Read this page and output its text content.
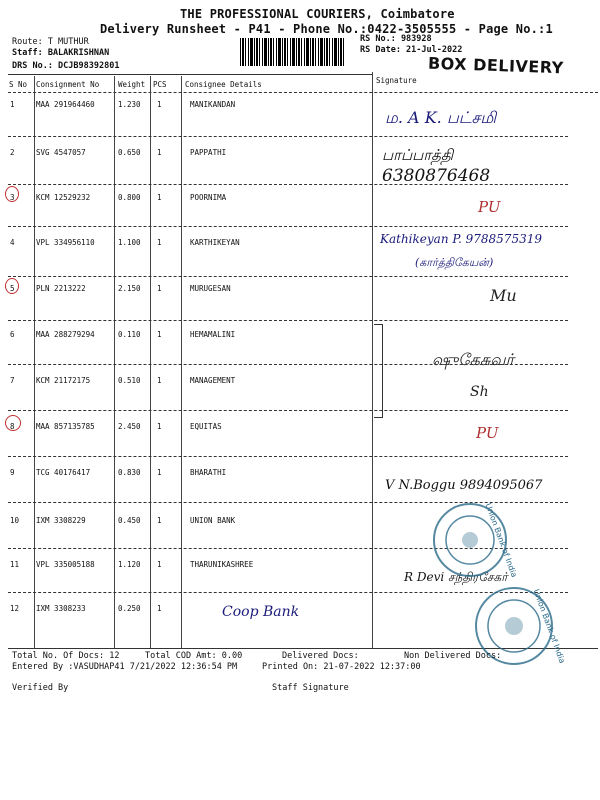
THE PROFESSIONAL COURIERS, Coimbatore
Delivery Runsheet - P41 - Phone No.:0422-3505555 - Page No.:1
Route: T MUTHUR
Staff: BALAKRISHNAN
DRS No.: DCJB98392801
RS No.: 983928
RS Date: 21-Jul-2022
BOX DELIVERY
S No Consignment No	Weight PCS Consignee Details	Signature
1	MAA 291964460	1.230 1	MANIKANDAN
ம. A K. பட்சமி
2	SVG 4547057	0.650 1	PAPPATHI	பாப்பாத்தி
6380876468
3	KCM 12529232	0.800 1	POORNIMA
PU
4	VPL 334956110	1.100 1	KARTHIKEYAN	Kathikeyan P. 9788575319
(கார்த்திகேயன்)
5	PLN 2213222	2.150 1	MURUGESAN	Mu
6	MAA 288279294	0.110 1	HEMAMALINI
ஷுகேசுவர்
7	KCM 21172175	0.510 1	MANAGEMENT
Sh
8	MAA 857135785	2.450 1	EQUITAS	PU
9	TCG 40176417	0.830 1	BHARATHI
V N.Boggu 9894095067
10 IXM 3308229	0.450 1	UNION BANK
11 VPL 335005188	1.120 1	THARUNIKASHREE
R Devi சந்திரசேகர்
12 IXM 3308233	0.250 1	Coop Bank
Union Bank of India
Union Bank of India
Total No. Of Docs: 12	Total COD Amt: 0.00	Delivered Docs:	Non Delivered Docs:
Entered By :VASUDHAP41 7/21/2022 12:36:54 PM	Printed On: 21-07-2022 12:37:00
Verified By	Staff Signature
